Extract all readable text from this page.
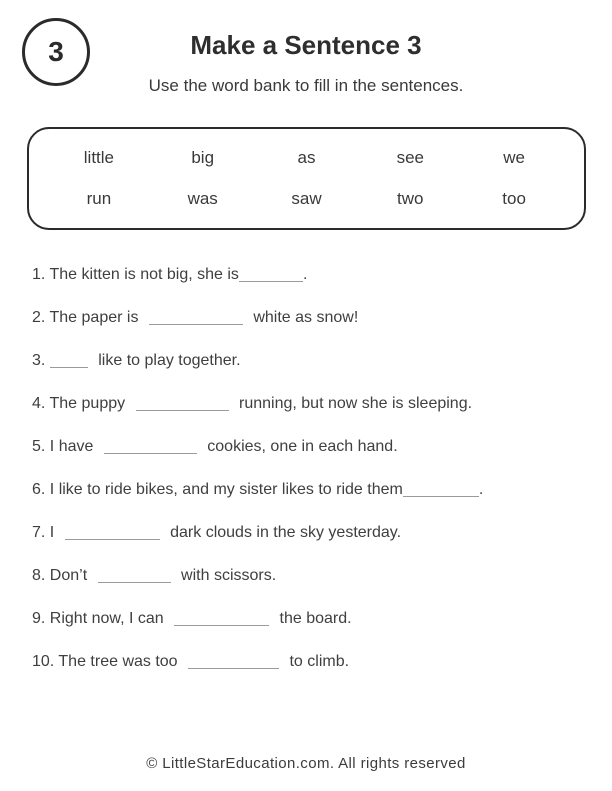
3	Make a Sentence 3
Use the word bank to fill in the sentences.
little	big	as	see	we
run	was	saw	two	too
1. The kitten is not big, she is	.
2. The paper is	white as snow!
3.	like to play together.
4. The puppy	running, but now she is sleeping.
5. I have	cookies, one in each hand.
6. I like to ride bikes, and my sister likes to ride them	.
7. I	dark clouds in the sky yesterday.
8. Don’t	with scissors.
9. Right now, I can	the board.
10. The tree was too	to climb.
© LittleStarEducation.com. All rights reserved
